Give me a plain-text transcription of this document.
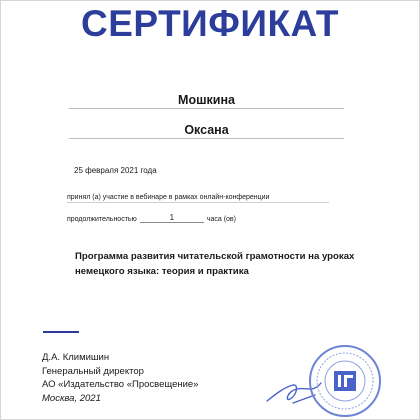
СЕРТИФИКАТ
Мошкина
Оксана
25 февраля 2021 года
принял (а) участие в вебинаре в рамках онлайн-конференции
продолжительностью	1	часа (ов)
Программа развития читательской грамотности на уроках немецкого языка: теория и практика
Д.А. Климишин
Генеральный директор
АО «Издательство «Просвещение»
Москва, 2021
